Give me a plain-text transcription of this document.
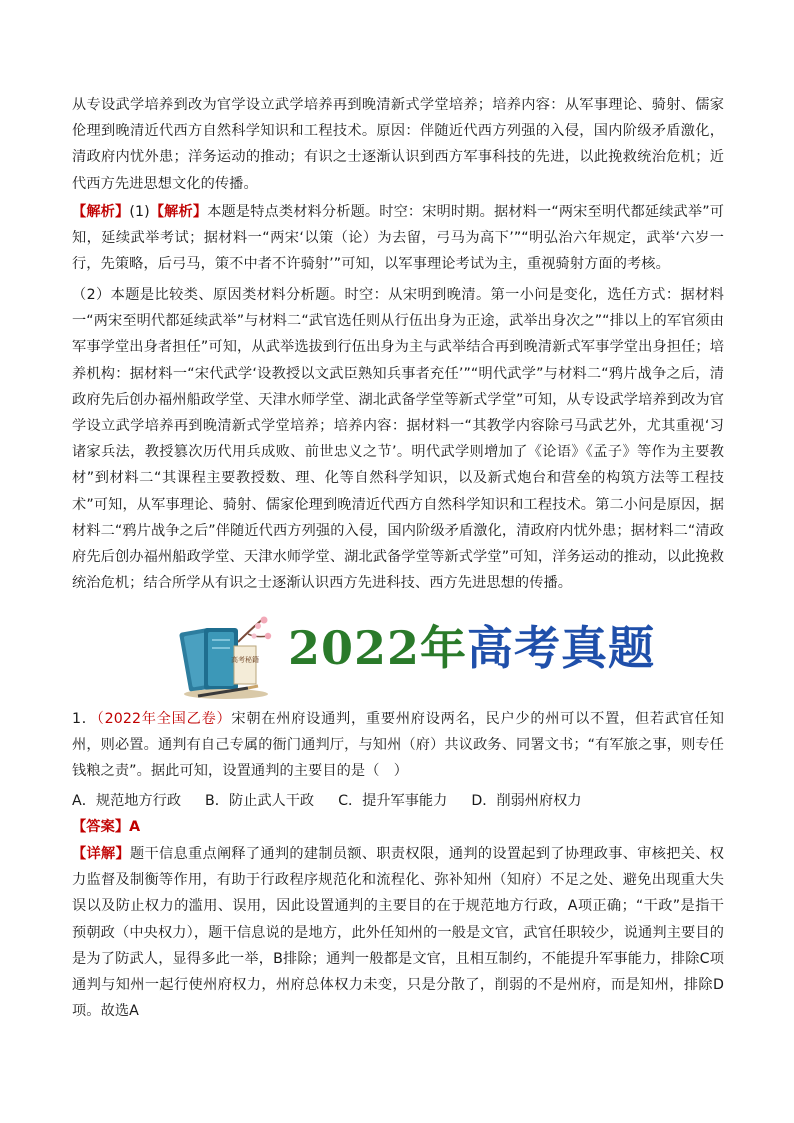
从专设武学培养到改为官学设立武学培养再到晚清新式学堂培养；培养内容：从军事理论、骑射、儒家伦理到晚清近代西方自然科学知识和工程技术。原因：伴随近代西方列强的入侵，国内阶级矛盾激化，清政府内忧外患；洋务运动的推动；有识之士逐渐认识到西方军事科技的先进，以此挽救统治危机；近代西方先进思想文化的传播。

【解析】(1)【解析】本题是特点类材料分析题。时空：宋明时期。据材料一“两宋至明代都延续武举”可知，延续武举考试；据材料一“两宋‘以策（论）为去留，弓马为高下’”“明弘治六年规定，武举‘六岁一行，先策略，后弓马，策不中者不许骑射’”可知，以军事理论考试为主，重视骑射方面的考核。

（2）本题是比较类、原因类材料分析题。时空：从宋明到晚清。第一小问是变化，选任方式：据材料一“两宋至明代都延续武举”与材料二“武官选任则从行伍出身为正途，武举出身次之”“排以上的军官须由军事学堂出身者担任”可知，从武举选拔到行伍出身为主与武举结合再到晚清新式军事学堂出身担任；培养机构：据材料一“宋代武学‘设教授以文武臣熟知兵事者充任’”“明代武学”与材料二“鸦片战争之后，清政府先后创办福州船政学堂、天津水师学堂、湖北武备学堂等新式学堂”可知，从专设武学培养到改为官学设立武学培养再到晚清新式学堂培养；培养内容：据材料一“其教学内容除弓马武艺外，尤其重视‘习诸家兵法，教授篡次历代用兵成败、前世忠义之节’。明代武学则增加了《论语》《孟子》等作为主要教材”到材料二“其课程主要教授数、理、化等自然科学知识，以及新式炮台和营垒的构筑方法等工程技术”可知，从军事理论、骑射、儒家伦理到晚清近代西方自然科学知识和工程技术。第二小问是原因，据材料二“鸦片战争之后”伴随近代西方列强的入侵，国内阶级矛盾激化，清政府内忧外患；据材料二“清政府先后创办福州船政学堂、天津水师学堂、湖北武备学堂等新式学堂”可知，洋务运动的推动，以此挽救统治危机；结合所学从有识之士逐渐认识西方先进科技、西方先进思想的传播。

高考秘籍 2022年高考真题

1．（2022年全国乙卷）宋朝在州府设通判，重要州府设两名，民户少的州可以不置，但若武官任知州，则必置。通判有自己专属的衙门通判厅，与知州（府）共议政务、同署文书；“有军旅之事，则专任钱粮之责”。据此可知，设置通判的主要目的是（　）

A．规范地方行政 B．防止武人干政 C．提升军事能力 D．削弱州府权力

【答案】A

【详解】题干信息重点阐释了通判的建制员额、职责权限，通判的设置起到了协理政事、审核把关、权力监督及制衡等作用，有助于行政程序规范化和流程化、弥补知州（知府）不足之处、避免出现重大失误以及防止权力的滥用、误用，因此设置通判的主要目的在于规范地方行政，A项正确；“干政”是指干预朝政（中央权力），题干信息说的是地方，此外任知州的一般是文官，武官任职较少，说通判主要目的是为了防武人，显得多此一举，B排除；通判一般都是文官，且相互制约，不能提升军事能力，排除C项通判与知州一起行使州府权力，州府总体权力未变，只是分散了，削弱的不是州府，而是知州，排除D项。故选A
